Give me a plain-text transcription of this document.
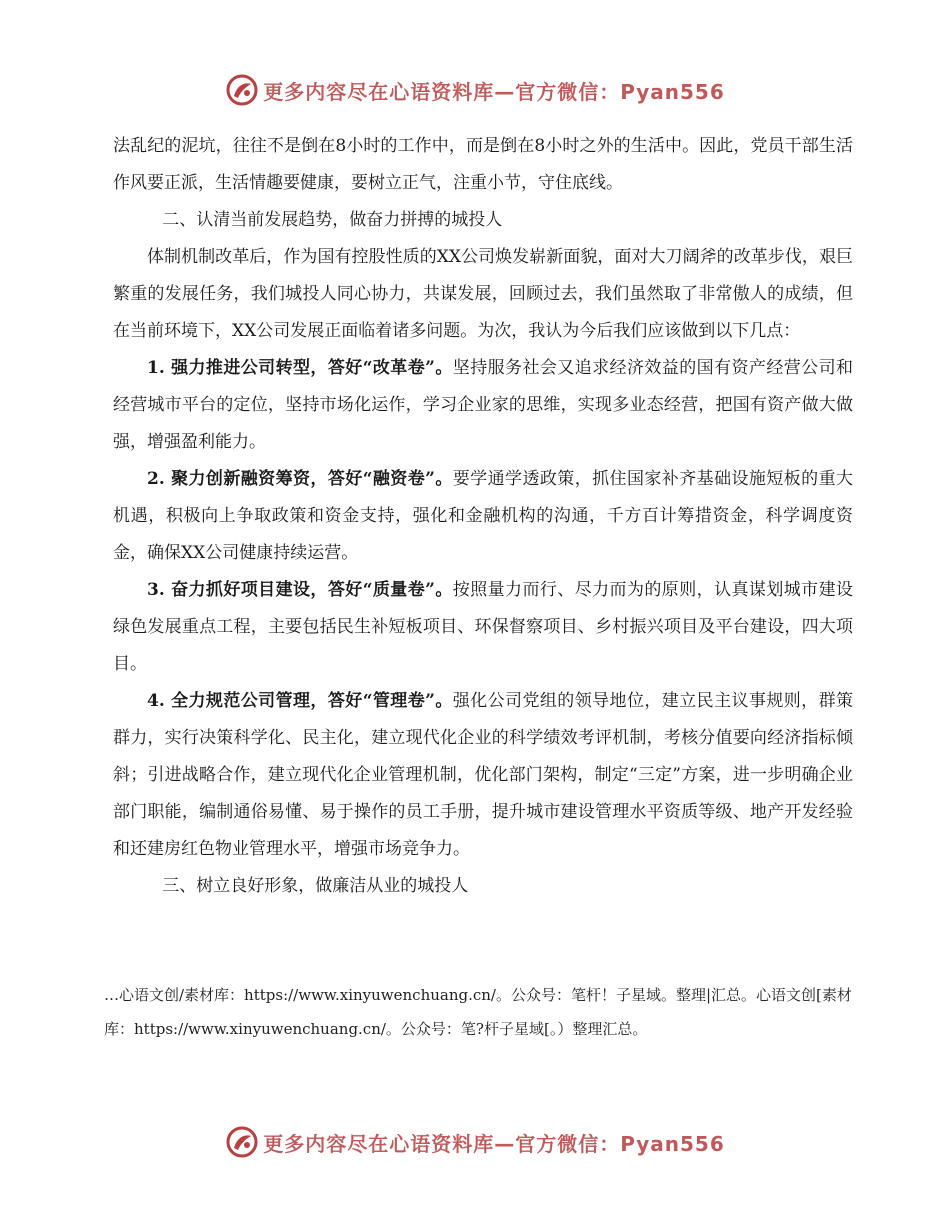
更多内容尽在心语资料库—官方微信：Pyan556

法乱纪的泥坑，往往不是倒在8小时的工作中，而是倒在8小时之外的生活中。因此，党员干部生活作风要正派，生活情趣要健康，要树立正气，注重小节，守住底线。

二、认清当前发展趋势，做奋力拼搏的城投人

体制机制改革后，作为国有控股性质的XX公司焕发崭新面貌，面对大刀阔斧的改革步伐，艰巨繁重的发展任务，我们城投人同心协力，共谋发展，回顾过去，我们虽然取了非常傲人的成绩，但在当前环境下，XX公司发展正面临着诸多问题。为次，我认为今后我们应该做到以下几点：

1. 强力推进公司转型，答好“改革卷”。坚持服务社会又追求经济效益的国有资产经营公司和经营城市平台的定位，坚持市场化运作，学习企业家的思维，实现多业态经营，把国有资产做大做强，增强盈利能力。

2. 聚力创新融资筹资，答好“融资卷”。要学通学透政策，抓住国家补齐基础设施短板的重大机遇，积极向上争取政策和资金支持，强化和金融机构的沟通，千方百计筹措资金，科学调度资金，确保XX公司健康持续运营。

3. 奋力抓好项目建设，答好“质量卷”。按照量力而行、尽力而为的原则，认真谋划城市建设绿色发展重点工程，主要包括民生补短板项目、环保督察项目、乡村振兴项目及平台建设，四大项目。

4. 全力规范公司管理，答好“管理卷”。强化公司党组的领导地位，建立民主议事规则，群策群力，实行决策科学化、民主化，建立现代化企业的科学绩效考评机制，考核分值要向经济指标倾斜；引进战略合作，建立现代化企业管理机制，优化部门架构，制定“三定”方案，进一步明确企业部门职能，编制通俗易懂、易于操作的员工手册，提升城市建设管理水平资质等级、地产开发经验和还建房红色物业管理水平，增强市场竞争力。

三、树立良好形象，做廉洁从业的城投人

…心语文创/素材库：https://www.xinyuwenchuang.cn/。公众号：笔杆！子星域。整理|汇总。心语文创[素材库：https://www.xinyuwenchuang.cn/。公众号：笔?杆子星域[。）整理汇总。
更多内容尽在心语资料库—官方微信：Pyan556
